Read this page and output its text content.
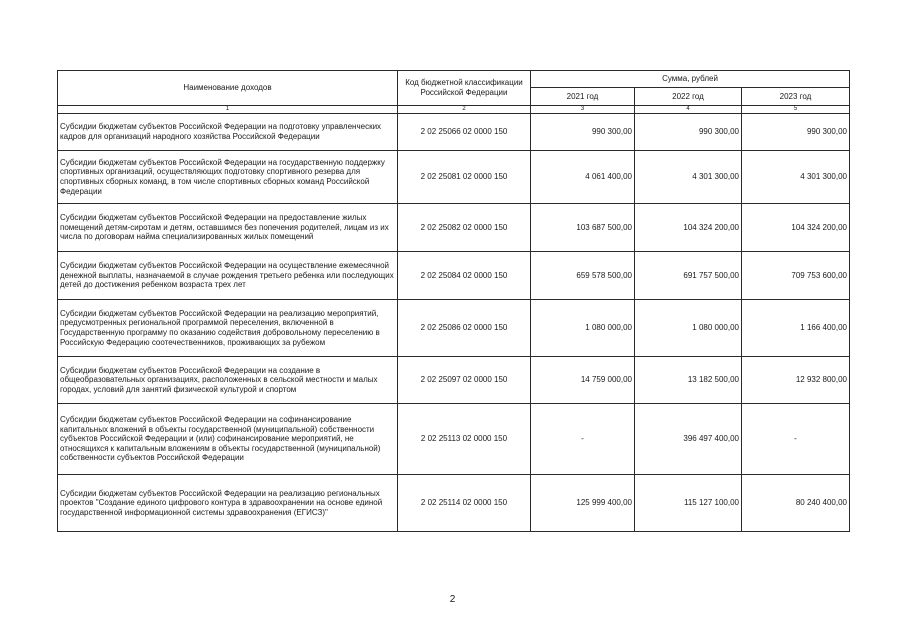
Наименование доходов	Код бюджетной классификации Российской Федерации	Сумма, рублей		
		2021 год	2022 год	2023 год
1	2	3	4	5
Субсидии бюджетам субъектов Российской Федерации на подготовку управленческих кадров для организаций народного хозяйства Российской Федерации	2 02 25066 02 0000 150	990 300,00	990 300,00	990 300,00
Субсидии бюджетам субъектов Российской Федерации на государственную поддержку спортивных организаций, осуществляющих подготовку спортивного резерва для спортивных сборных команд, в том числе спортивных сборных команд Российской Федерации	2 02 25081 02 0000 150	4 061 400,00	4 301 300,00	4 301 300,00
Субсидии бюджетам субъектов Российской Федерации на предоставление жилых помещений детям-сиротам и детям, оставшимся без попечения родителей, лицам из их числа по договорам найма специализированных жилых помещений	2 02 25082 02 0000 150	103 687 500,00	104 324 200,00	104 324 200,00
Субсидии бюджетам субъектов Российской Федерации на осуществление ежемесячной денежной выплаты, назначаемой в случае рождения третьего ребенка или последующих детей до достижения ребенком возраста трех лет	2 02 25084 02 0000 150	659 578 500,00	691 757 500,00	709 753 600,00
Субсидии бюджетам субъектов Российской Федерации на реализацию мероприятий, предусмотренных региональной программой переселения, включенной в Государственную программу по оказанию содействия добровольному переселению в Российскую Федерацию соотечественников, проживающих за рубежом	2 02 25086 02 0000 150	1 080 000,00	1 080 000,00	1 166 400,00
Субсидии бюджетам субъектов Российской Федерации на создание в общеобразовательных организациях, расположенных в сельской местности и малых городах, условий для занятий физической культурой и спортом	2 02 25097 02 0000 150	14 759 000,00	13 182 500,00	12 932 800,00
Субсидии бюджетам субъектов Российской Федерации на софинансирование капитальных вложений в объекты государственной (муниципальной) собственности субъектов Российской Федерации и (или) софинансирование мероприятий, не относящихся к капитальным вложениям в объекты государственной (муниципальной) собственности субъектов Российской Федерации	2 02 25113 02 0000 150	-	396 497 400,00	-
Субсидии бюджетам субъектов Российской Федерации на реализацию региональных проектов "Создание единого цифрового контура в здравоохранении на основе единой государственной информационной системы здравоохранения (ЕГИСЗ)"	2 02 25114 02 0000 150	125 999 400,00	115 127 100,00	80 240 400,00
2
